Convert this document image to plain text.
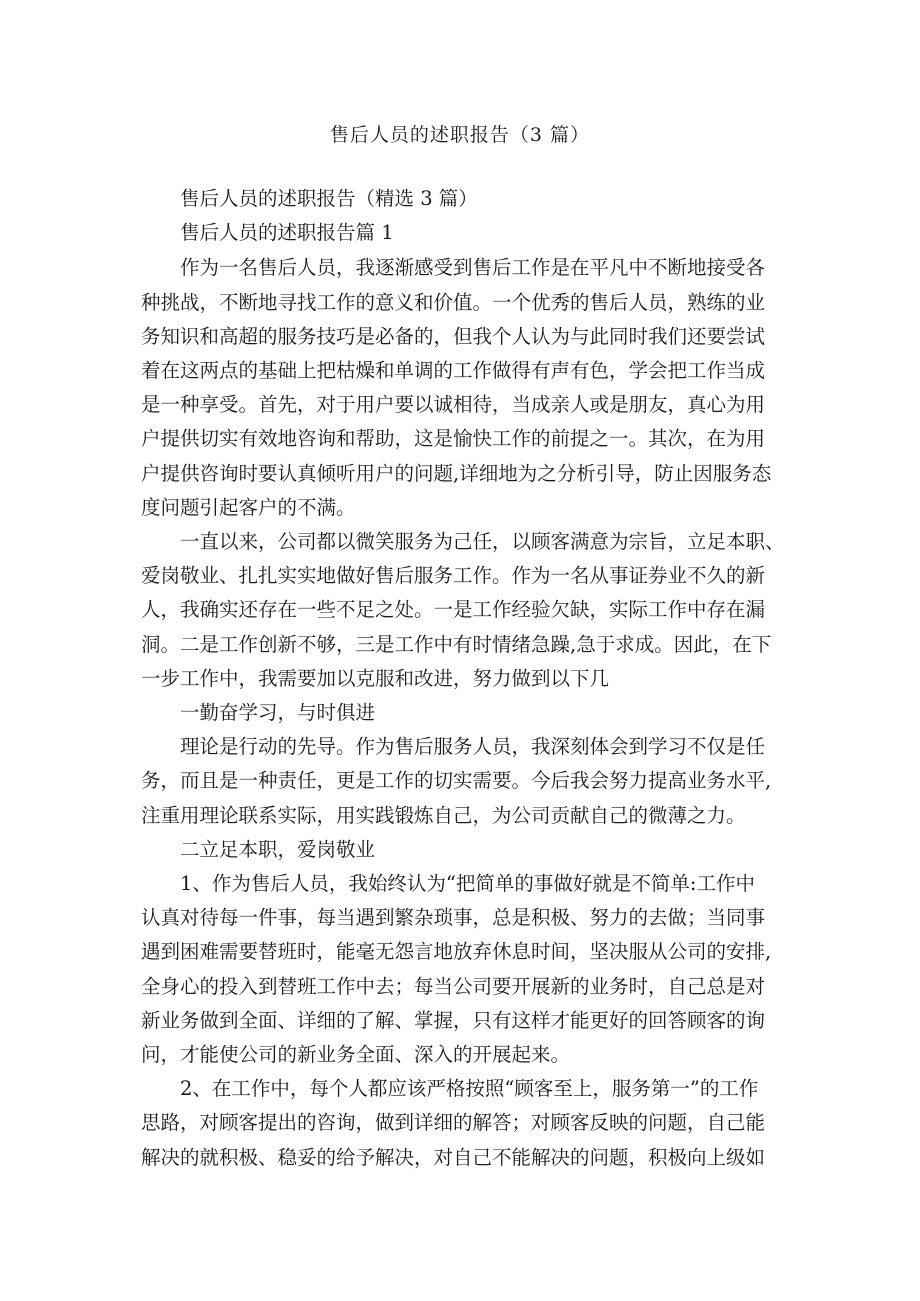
售后人员的述职报告（3 篇）
售后人员的述职报告（精选 3 篇）
售后人员的述职报告篇 1
作为一名售后人员，我逐渐感受到售后工作是在平凡中不断地接受各
种挑战，不断地寻找工作的意义和价值。一个优秀的售后人员，熟练的业
务知识和高超的服务技巧是必备的，但我个人认为与此同时我们还要尝试
着在这两点的基础上把枯燥和单调的工作做得有声有色，学会把工作当成
是一种享受。首先，对于用户要以诚相待，当成亲人或是朋友，真心为用
户提供切实有效地咨询和帮助，这是愉快工作的前提之一。其次，在为用
户提供咨询时要认真倾听用户的问题,详细地为之分析引导，防止因服务态
度问题引起客户的不满。
一直以来，公司都以微笑服务为己任，以顾客满意为宗旨，立足本职、
爱岗敬业、扎扎实实地做好售后服务工作。作为一名从事证券业不久的新
人，我确实还存在一些不足之处。一是工作经验欠缺，实际工作中存在漏
洞。二是工作创新不够，三是工作中有时情绪急躁,急于求成。因此，在下
一步工作中，我需要加以克服和改进，努力做到以下几
一勤奋学习，与时俱进
理论是行动的先导。作为售后服务人员，我深刻体会到学习不仅是任
务，而且是一种责任，更是工作的切实需要。今后我会努力提高业务水平,
注重用理论联系实际，用实践锻炼自己，为公司贡献自己的微薄之力。
二立足本职，爱岗敬业
1、作为售后人员，我始终认为“把简单的事做好就是不简单:工作中
认真对待每一件事，每当遇到繁杂琐事，总是积极、努力的去做；当同事
遇到困难需要替班时，能毫无怨言地放弃休息时间，坚决服从公司的安排,
全身心的投入到替班工作中去；每当公司要开展新的业务时，自己总是对
新业务做到全面、详细的了解、掌握，只有这样才能更好的回答顾客的询
问，才能使公司的新业务全面、深入的开展起来。
2、在工作中，每个人都应该严格按照“顾客至上，服务第一”的工作
思路，对顾客提出的咨询，做到详细的解答；对顾客反映的问题，自己能
解决的就积极、稳妥的给予解决，对自己不能解决的问题，积极向上级如
